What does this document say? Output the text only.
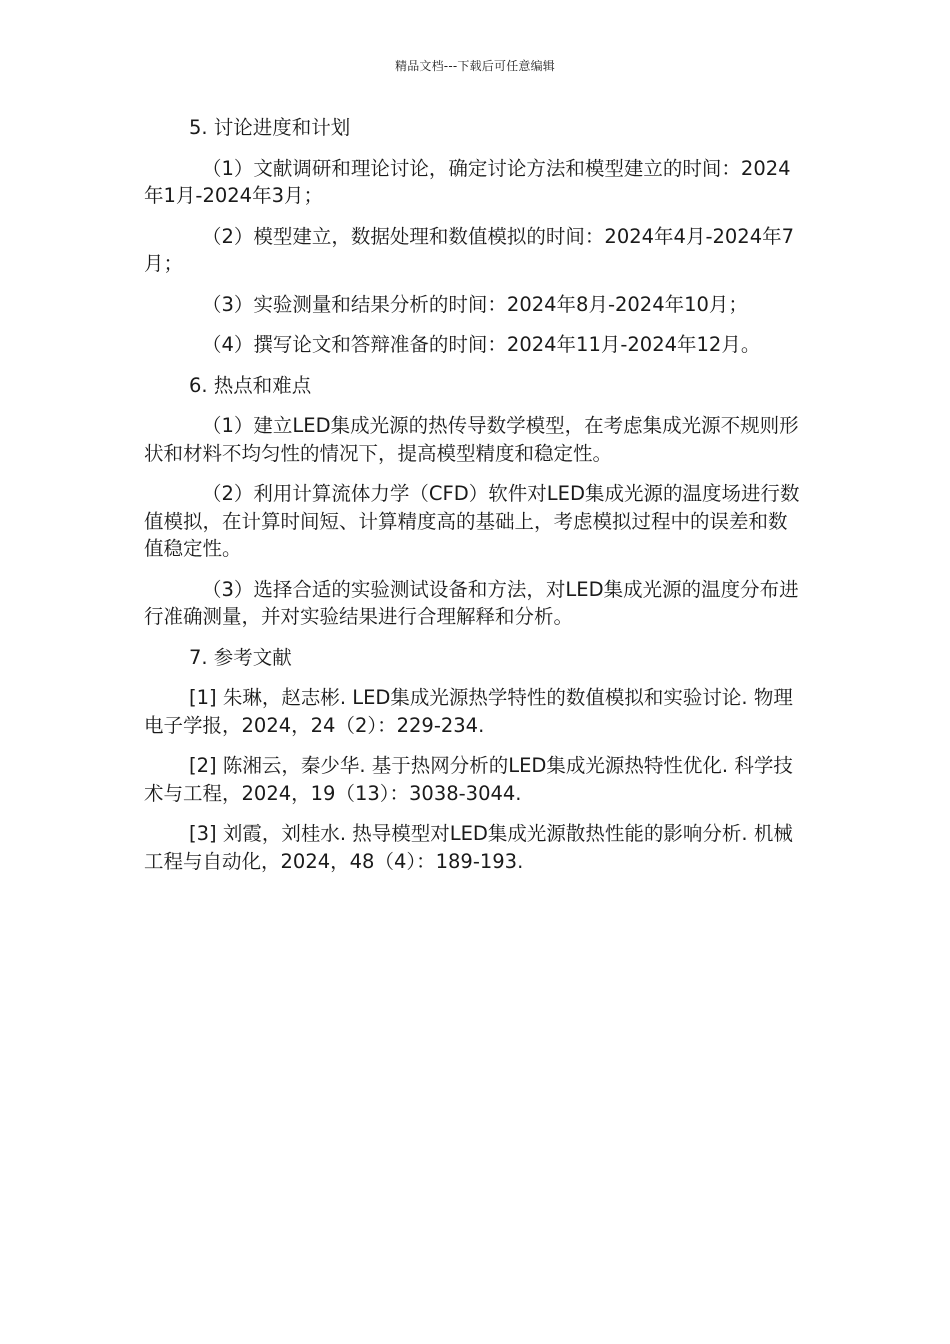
精品文档---下载后可任意编辑

5. 讨论进度和计划

（1）文献调研和理论讨论，确定讨论方法和模型建立的时间：2024年1月-2024年3月；

（2）模型建立，数据处理和数值模拟的时间：2024年4月-2024年7月；

（3）实验测量和结果分析的时间：2024年8月-2024年10月；

（4）撰写论文和答辩准备的时间：2024年11月-2024年12月。

6. 热点和难点

（1）建立LED集成光源的热传导数学模型，在考虑集成光源不规则形状和材料不均匀性的情况下，提高模型精度和稳定性。

（2）利用计算流体力学（CFD）软件对LED集成光源的温度场进行数值模拟，在计算时间短、计算精度高的基础上，考虑模拟过程中的误差和数值稳定性。

（3）选择合适的实验测试设备和方法，对LED集成光源的温度分布进行准确测量，并对实验结果进行合理解释和分析。

7. 参考文献

[1] 朱琳，赵志彬. LED集成光源热学特性的数值模拟和实验讨论. 物理电子学报，2024，24（2）：229-234.

[2] 陈湘云，秦少华. 基于热网分析的LED集成光源热特性优化. 科学技术与工程，2024，19（13）：3038-3044.

[3] 刘霞，刘桂水. 热导模型对LED集成光源散热性能的影响分析. 机械工程与自动化，2024，48（4）：189-193.
